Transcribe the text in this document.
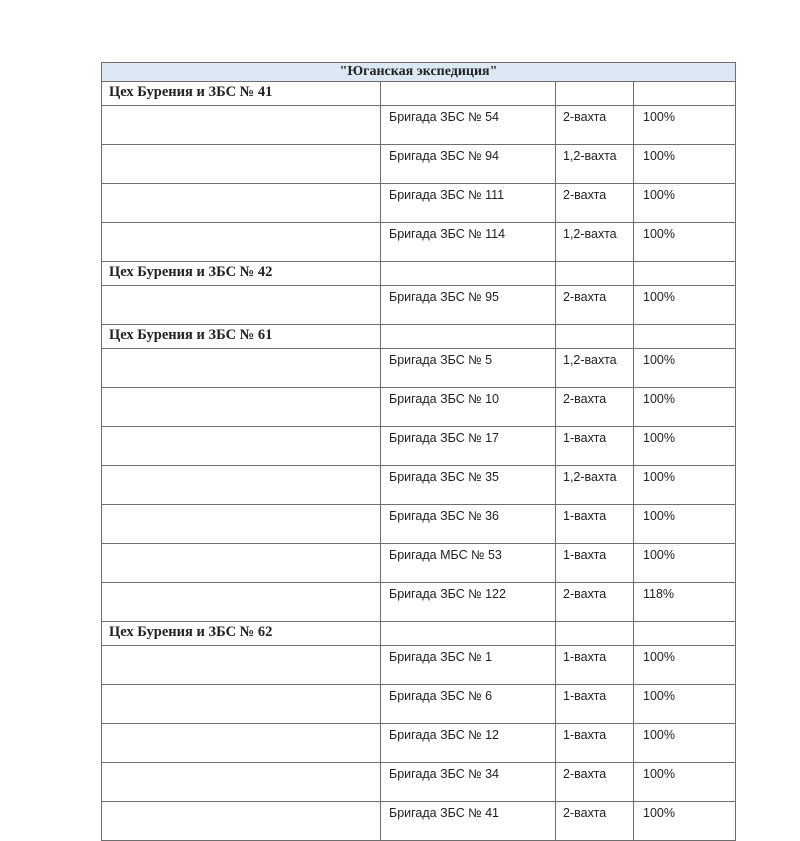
"Юганская экспедиция"			
Цех Бурения и ЗБС № 41			
	Бригада ЗБС № 54	2-вахта	100%
	Бригада ЗБС № 94	1,2-вахта	100%
	Бригада ЗБС № 111	2-вахта	100%
	Бригада ЗБС № 114	1,2-вахта	100%
Цех Бурения и ЗБС № 42			
	Бригада ЗБС № 95	2-вахта	100%
Цех Бурения и ЗБС № 61			
	Бригада ЗБС № 5	1,2-вахта	100%
	Бригада ЗБС № 10	2-вахта	100%
	Бригада ЗБС № 17	1-вахта	100%
	Бригада ЗБС № 35	1,2-вахта	100%
	Бригада ЗБС № 36	1-вахта	100%
	Бригада МБС № 53	1-вахта	100%
	Бригада ЗБС № 122	2-вахта	118%
Цех Бурения и ЗБС № 62			
	Бригада ЗБС № 1	1-вахта	100%
	Бригада ЗБС № 6	1-вахта	100%
	Бригада ЗБС № 12	1-вахта	100%
	Бригада ЗБС № 34	2-вахта	100%
	Бригада ЗБС № 41	2-вахта	100%
